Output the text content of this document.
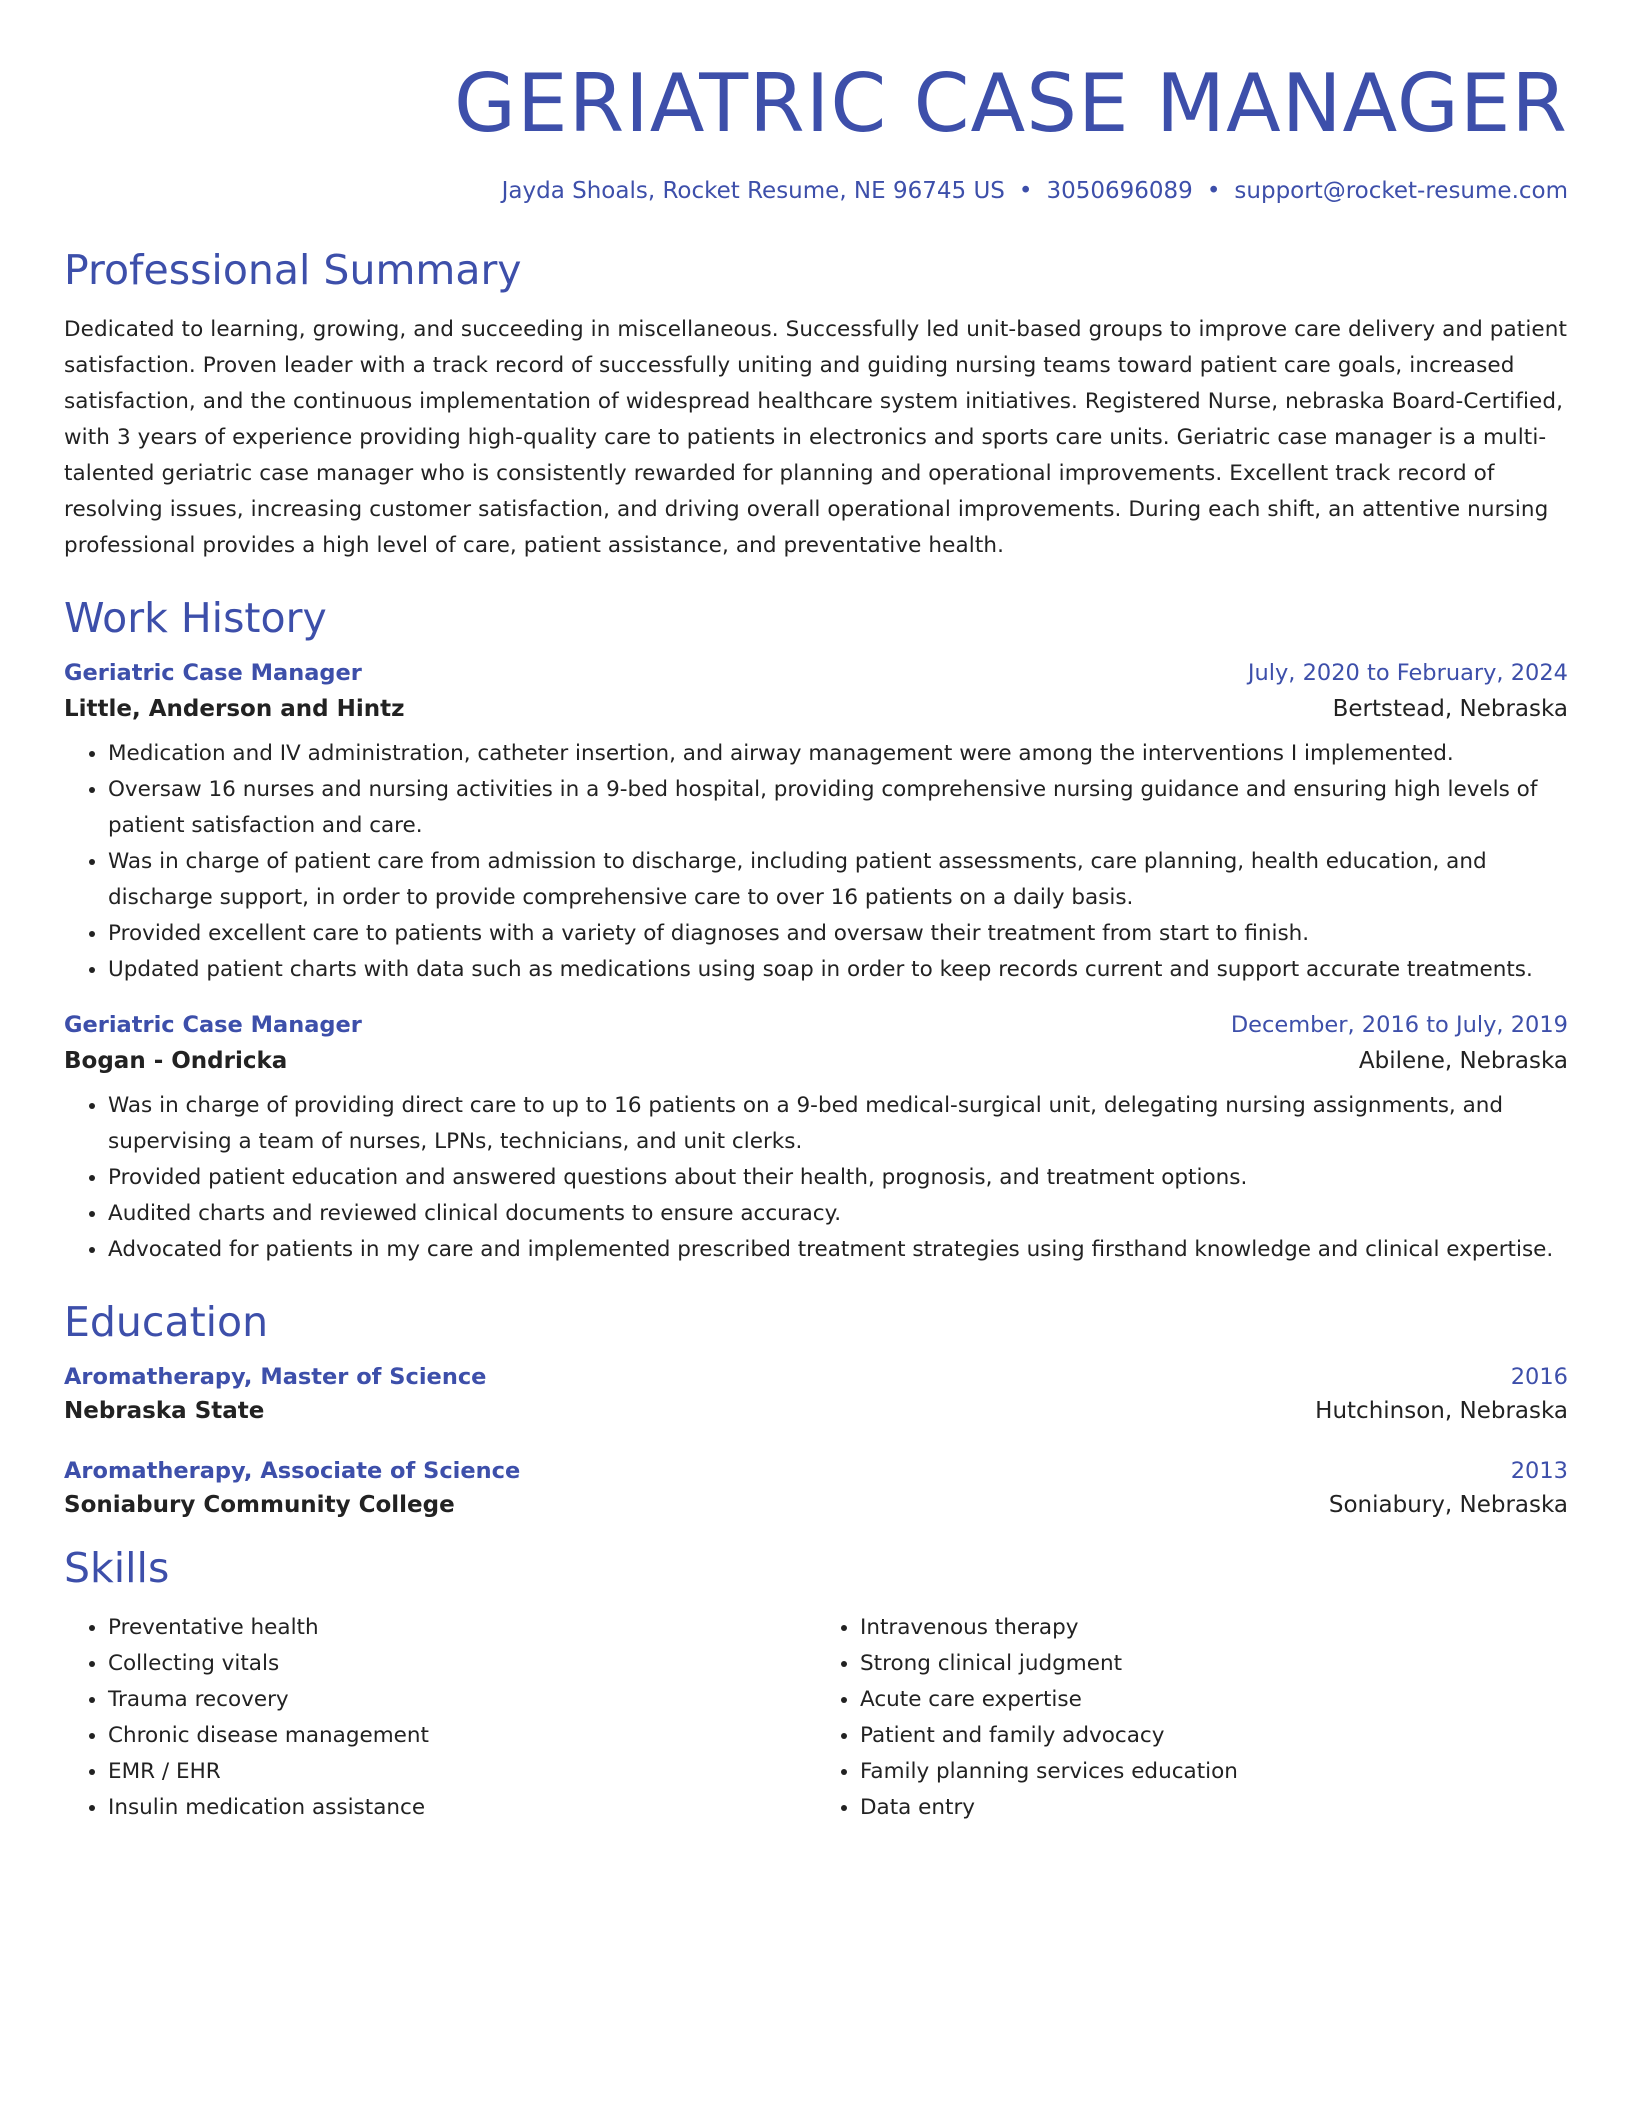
GERIATRIC CASE MANAGER
Jayda Shoals, Rocket Resume, NE 96745 US • 3050696089 • support@rocket-resume.com
Professional Summary

Dedicated to learning, growing, and succeeding in miscellaneous. Successfully led unit-based groups to improve care delivery and patient satisfaction. Proven leader with a track record of successfully uniting and guiding nursing teams toward patient care goals, increased satisfaction, and the continuous implementation of widespread healthcare system initiatives. Registered Nurse, nebraska Board-Certified, with 3 years of experience providing high-quality care to patients in electronics and sports care units. Geriatric case manager is a multi-talented geriatric case manager who is consistently rewarded for planning and operational improvements. Excellent track record of resolving issues, increasing customer satisfaction, and driving overall operational improvements. During each shift, an attentive nursing professional provides a high level of care, patient assistance, and preventative health.

Work History
Geriatric Case Manager	July, 2020 to February, 2024
Little, Anderson and Hintz	Bertstead, Nebraska
• Medication and IV administration, catheter insertion, and airway management were among the interventions I implemented.
• Oversaw 16 nurses and nursing activities in a 9-bed hospital, providing comprehensive nursing guidance and ensuring high levels of patient satisfaction and care.
• Was in charge of patient care from admission to discharge, including patient assessments, care planning, health education, and discharge support, in order to provide comprehensive care to over 16 patients on a daily basis.
• Provided excellent care to patients with a variety of diagnoses and oversaw their treatment from start to finish.
• Updated patient charts with data such as medications using soap in order to keep records current and support accurate treatments.
Geriatric Case Manager	December, 2016 to July, 2019
Bogan - Ondricka	Abilene, Nebraska
• Was in charge of providing direct care to up to 16 patients on a 9-bed medical-surgical unit, delegating nursing assignments, and supervising a team of nurses, LPNs, technicians, and unit clerks.
• Provided patient education and answered questions about their health, prognosis, and treatment options.
• Audited charts and reviewed clinical documents to ensure accuracy.
• Advocated for patients in my care and implemented prescribed treatment strategies using firsthand knowledge and clinical expertise.
Education
Aromatherapy, Master of Science	2016
Nebraska State	Hutchinson, Nebraska
Aromatherapy, Associate of Science	2013
Soniabury Community College	Soniabury, Nebraska
Skills
• Preventative health
• Collecting vitals
• Trauma recovery
• Chronic disease management
• EMR / EHR
• Insulin medication assistance
• Intravenous therapy
• Strong clinical judgment
• Acute care expertise
• Patient and family advocacy
• Family planning services education
• Data entry
